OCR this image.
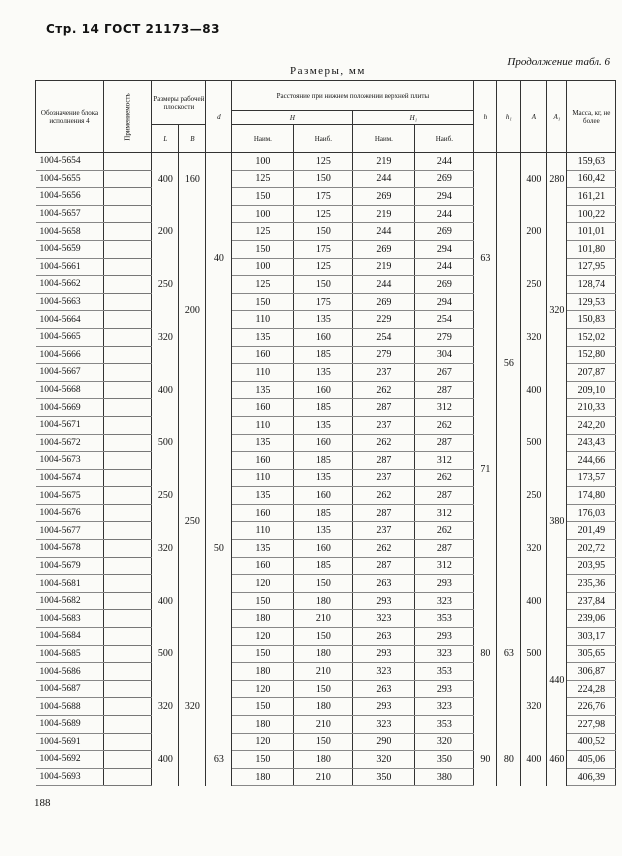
Стр. 14 ГОСТ 21173—83
Продолжение табл. 6
Размеры, мм
Обозначение блока исполнения 4	Применяемость	Размеры рабочей плоскости		d	Расстояние при нижнем положении верхней плиты				h	h₁	A	A₁	Масса, кг, не более
					H		H₁						
		L	B		Наим.	Наиб.	Наим.	Наиб.					
1004-5654		400	160	40	100	125	219	244	63	56	400	280	159,63
1004-5655					125	150	244	269					160,42
1004-5656					150	175	269	294					161,21
1004-5657		200	200		100	125	219	244			200	320	100,22
1004-5658					125	150	244	269					101,01
1004-5659					150	175	269	294					101,80
1004-5661		250			100	125	219	244			250		127,95
1004-5662					125	150	244	269					128,74
1004-5663					150	175	269	294					129,53
1004-5664		320			110	135	229	254			320		150,83
1004-5665					135	160	254	279					152,02
1004-5666					160	185	279	304					152,80
1004-5667		400		50	110	135	237	267	71		400		207,87
1004-5668					135	160	262	287					209,10
1004-5669					160	185	287	312					210,33
1004-5671		500	250		110	135	237	262			500	380	242,20
1004-5672					135	160	262	287					243,43
1004-5673					160	185	287	312					244,66
1004-5674		250			110	135	237	262			250		173,57
1004-5675					135	160	262	287					174,80
1004-5676					160	185	287	312					176,03
1004-5677		320			110	135	237	262			320		201,49
1004-5678					135	160	262	287					202,72
1004-5679					160	185	287	312					203,95
1004-5681		400			120	150	263	293	80	63	400		235,36
1004-5682					150	180	293	323					237,84
1004-5683					180	210	323	353					239,06
1004-5684		500	320		120	150	263	293			500	440	303,17
1004-5685					150	180	293	323					305,65
1004-5686					180	210	323	353					306,87
1004-5687		320			120	150	263	293			320		224,28
1004-5688					150	180	293	323					226,76
1004-5689					180	210	323	353					227,98
1004-5691		400		63	120	150	290	320	90	80	400	460	400,52
1004-5692					150	180	320	350					405,06
1004-5693					180	210	350	380					406,39
188
